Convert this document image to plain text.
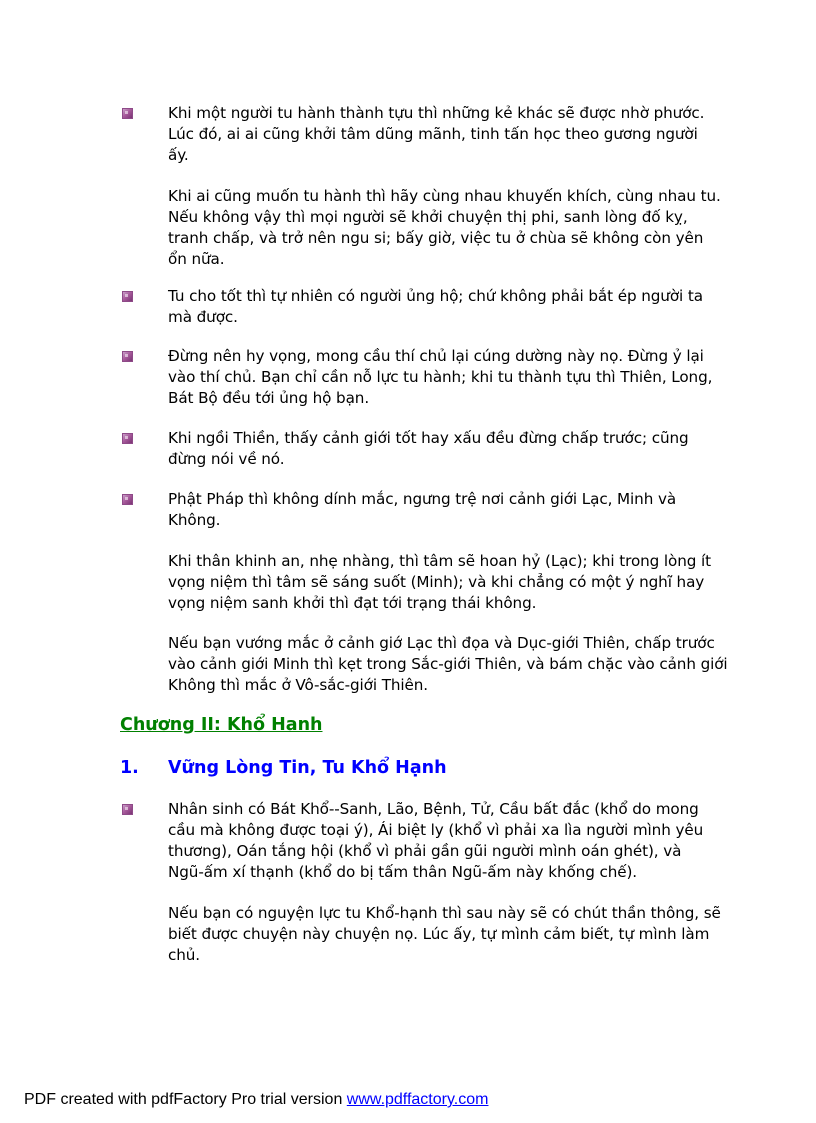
Khi một người tu hành thành tựu thì những kẻ khác sẽ được nhờ phước.
Lúc đó, ai ai cũng khởi tâm dũng mãnh, tinh tấn học theo gương người
ấy.
Khi ai cũng muốn tu hành thì hãy cùng nhau khuyến khích, cùng nhau tu.
Nếu không vậy thì mọi người sẽ khởi chuyện thị phi, sanh lòng đố kỵ,
tranh chấp, và trở nên ngu si; bấy giờ, việc tu ở chùa sẽ không còn yên
ổn nữa.
Tu cho tốt thì tự nhiên có người ủng hộ; chứ không phải bắt ép người ta
mà được.
Đừng nên hy vọng, mong cầu thí chủ lại cúng dường này nọ. Đừng ỷ lại
vào thí chủ. Bạn chỉ cần nỗ lực tu hành; khi tu thành tựu thì Thiên, Long,
Bát Bộ đều tới ủng hộ bạn.
Khi ngồi Thiền, thấy cảnh giới tốt hay xấu đều đừng chấp trước; cũng
đừng nói về nó.
Phật Pháp thì không dính mắc, ngưng trệ nơi cảnh giới Lạc, Minh và
Không.
Khi thân khinh an, nhẹ nhàng, thì tâm sẽ hoan hỷ (Lạc); khi trong lòng ít
vọng niệm thì tâm sẽ sáng suốt (Minh); và khi chẳng có một ý nghĩ hay
vọng niệm sanh khởi thì đạt tới trạng thái không.
Nếu bạn vướng mắc ở cảnh giớ Lạc thì đọa và Dục-giới Thiên, chấp trước
vào cảnh giới Minh thì kẹt trong Sắc-giới Thiên, và bám chặc vào cảnh giới
Không thì mắc ở Vô-sắc-giới Thiên.
Chương II: Khổ Hanh
1. Vững Lòng Tin, Tu Khổ Hạnh
Nhân sinh có Bát Khổ--Sanh, Lão, Bệnh, Tử, Cầu bất đắc (khổ do mong
cầu mà không được toại ý), Ái biệt ly (khổ vì phải xa lìa người mình yêu
thương), Oán tắng hội (khổ vì phải gần gũi người mình oán ghét), và
Ngũ-ấm xí thạnh (khổ do bị tấm thân Ngũ-ấm này khống chế).
Nếu bạn có nguyện lực tu Khổ-hạnh thì sau này sẽ có chút thần thông, sẽ
biết được chuyện này chuyện nọ. Lúc ấy, tự mình cảm biết, tự mình làm
chủ.
PDF created with pdfFactory Pro trial version www.pdffactory.com
